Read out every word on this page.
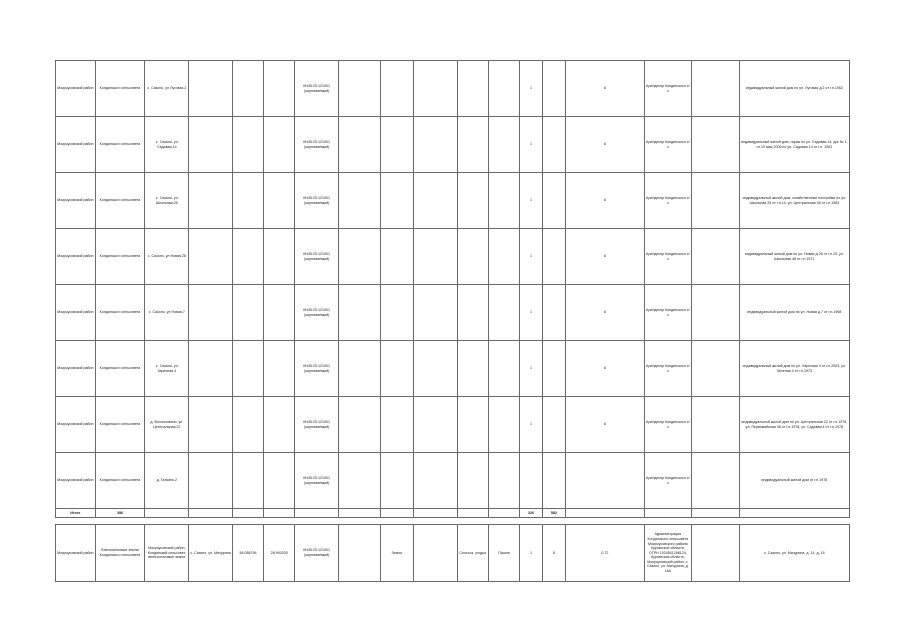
Мокроусовский район	Кондинского сельсовета	с. Сазоно, ул Луговая,2				КН45:20:121001 (оцениваемый)						1		8	Арендатор Кондинского с/с		индивидуальный жилой дом по ул. Луговая д.2 от г.н.1962
Мокроусовский район	Кондинского сельсовета	с. Сазоно, ул Садовая,14				КН45:20:121001 (оцениваемый)						1		8	Арендатор Кондинского с/с		индивидуальный жилой дом, гараж по ул. Садовая 14, дог № 1, от 10 мая 2005 по ул. Садовая 14 от г.н. 1963
Мокроусовский район	Кондинского сельсовета	с. Сазоно, ул Школьная,25				КН45:20:121001 (оцениваемый)						1		8	Арендатор Кондинского с/с		индивидуальный жилой дом, хозяйственные постройки по ул. Школьная 25 от г.н.14, ул. Центральная 48 от г.н.1963
Мокроусовский район	Кондинского сельсовета	с. Сазоно, ул Новая,26				КН45:20:121001 (оцениваемый)						1		8	Арендатор Кондинского с/с		индивидуальный жилой дом по ул. Новая д.26 от г.н.15, ул. Школьная 48 от г.н.1971
Мокроусовский район	Кондинского сельсовета	с. Сазоно, ул Новая,7				КН45:20:121001 (оцениваемый)						1		8	Арендатор Кондинского с/с		индивидуальный жилой дом по ул. Новая д.7 от г.н.1968
Мокроусовский район	Кондинского сельсовета	с. Сазоно, ул Заречная,4				КН45:20:121001 (оцениваемый)						1		8	Арендатор Кондинского с/с		индивидуальный жилой дом по ул. Заречная 4 от г.н.2003, ул. Зеленая 4 от г.н.1973
Мокроусовский район	Кондинского сельсовета	д. Волчоновичи, ул. Центральная,22				КН45:20:121001 (оцениваемый)						1		8	Арендатор Кондинского с/с		индивидуальный жилой дом по ул. Центральная 22 от г.н.1976, ул. Первомайская 48 от г.н.1978, ул. Садовая 4 от г.н.1978
Мокроусовский район	Кондинского сельсовета	д. Галкино,2				КН45:20:121001 (оцениваемый)									Арендатор Кондинского с/с		индивидуальный жилой дом от г.н.1978
Итого	396											326	582				

Мокроусовский район	Внепоселковые земли Кондинского сельсовета	Мокроусовский район, Кондинский сельсовет, внепоселковые земли	с. Сазоно, ул. Мичурина	56.058796	28.992030	КН45:20:121001 (оцениваемый)		Земля		Сельхоз. угодья	Пашня	1	8	0,72	Администрация Кондинского сельсовета Мокроусовского района Курганской области, ОГРН 1024501298124, Курганская область, Мокроусовский район, с. Сазоно, ул. Мичурина, д. 16А		с. Сазоно, ул. Мичурина, д. 14, д. 16
